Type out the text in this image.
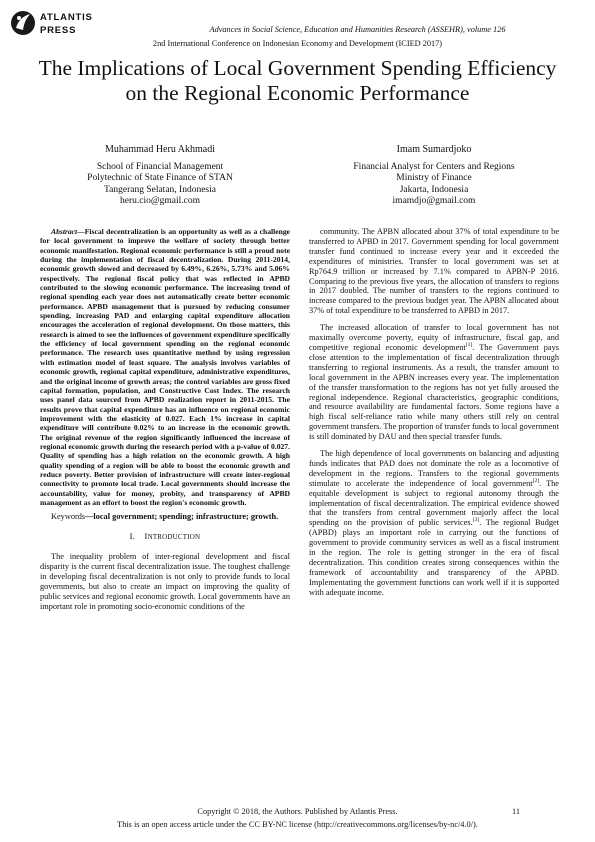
ATLANTIS
PRESS	Advances in Social Science, Education and Humanities Research (ASSEHR), volume 126
2nd International Conference on Indonesian Economy and Development (ICIED 2017)
The Implications of Local Government Spending Efficiency on the Regional Economic Performance
Muhammad Heru Akhmadi
School of Financial Management
Polytechnic of State Finance of STAN
Tangerang Selatan, Indonesia
heru.cio@gmail.com
Imam Sumardjoko
Financial Analyst for Centers and Regions
Ministry of Finance
Jakarta, Indonesia
imamdjo@gmail.com

Abstract—Fiscal decentralization is an opportunity as well as a challenge for local government to improve the welfare of society through better economic manifestation. Regional economic performance is still a proud note during the implementation of fiscal decentralization. During 2011-2014, economic growth slowed and decreased by 6.49%, 6.26%, 5.73% and 5.06% respectively. The regional fiscal policy that was reflected in APBD contributed to the slowing economic performance. The increasing trend of regional spending each year does not automatically create better economic performance. APBD management that is pursued by reducing consumer spending, increasing PAD and enlarging capital expenditure allocation encourages the acceleration of regional development. On those matters, this research is aimed to see the influences of government expenditure specifically the efficiency of local government spending on the regional economic performance. The research uses quantitative method by using regression with estimation model of least square. The analysis involves variables of economic growth, regional capital expenditure, administrative expenditures, and the original income of growth areas; the control variables are gross fixed capital formation, population, and Constructive Cost Index. The research uses panel data sourced from APBD realization report in 2011-2015. The results prove that capital expenditure has an influence on regional economic improvement with the elasticity of 0.027. Each 1% increase in capital expenditure will contribute 0.02% to an increase in the economic growth. The original revenue of the region significantly influenced the increase of regional economic growth during the research period with a p-value of 0.027. Quality of spending has a high relation on the economic growth. A high quality spending of a region will be able to boost the economic growth and reduce poverty. Better provision of infrastructure will create inter-regional connectivity to promote local trade. Local governments should increase the accountability, value for money, probity, and transparency of APBD management as an effort to boost the region's economic growth.

Keywords—local government; spending; infrastructure; growth.

I. INTRODUCTION

The inequality problem of inter-regional development and fiscal disparity is the current fiscal decentralization issue. The toughest challenge in developing fiscal decentralization is not only to provide funds to local governments, but also to create an impact on improving the quality of public services and regional economic growth. Local governments have an important role in promoting socio-economic conditions of the

community. The APBN allocated about 37% of total expenditure to be transferred to APBD in 2017. Government spending for local government transfer fund continued to increase every year and it exceeded the expenditures of ministries. Transfer to local government was set at Rp764.9 trillion or increased by 7.1% compared to APBN-P 2016. Comparing to the previous five years, the allocation of transfers to regions in 2017 doubled. The number of transfers to the regions continued to increase compared to the previous budget year. The APBN allocated about 37% of total expenditure to be transferred to APBD in 2017.

The increased allocation of transfer to local government has not maximally overcome poverty, equity of infrastructure, fiscal gap, and competitive regional economic development[1]. The Government pays close attention to the implementation of fiscal decentralization through transferring to regional instruments. As a result, the transfer amount to local government in the APBN increases every year. The implementation of the transfer transformation to the regions has not yet fully aroused the regional independence. Regional characteristics, geographic conditions, and resource availability are fundamental factors. Some regions have a high fiscal self-reliance ratio while many others still rely on central government transfers. The proportion of transfer funds to local government is still dominated by DAU and then special transfer funds.

The high dependence of local governments on balancing and adjusting funds indicates that PAD does not dominate the role as a locomotive of development in the regions. Transfers to the regional governments stimulate to accelerate the independence of local government[2]. The equitable development is subject to regional autonomy through the implementation of fiscal decentralization. The empirical evidence showed that the transfers from central government majorly affect the local spending on the provision of public services.[3]. The regional Budget (APBD) plays an important role in carrying out the functions of government to provide community services as well as a fiscal instrument in the region. The role is getting stronger in the era of fiscal decentralization. This condition creates strong consequences within the framework of accountability and transparency of the APBD. Implementating the government functions can work well if it is supported with adequate income.

Copyright © 2018, the Authors. Published by Atlantis Press.	11
This is an open access article under the CC BY-NC license (http://creativecommons.org/licenses/by-nc/4.0/).
